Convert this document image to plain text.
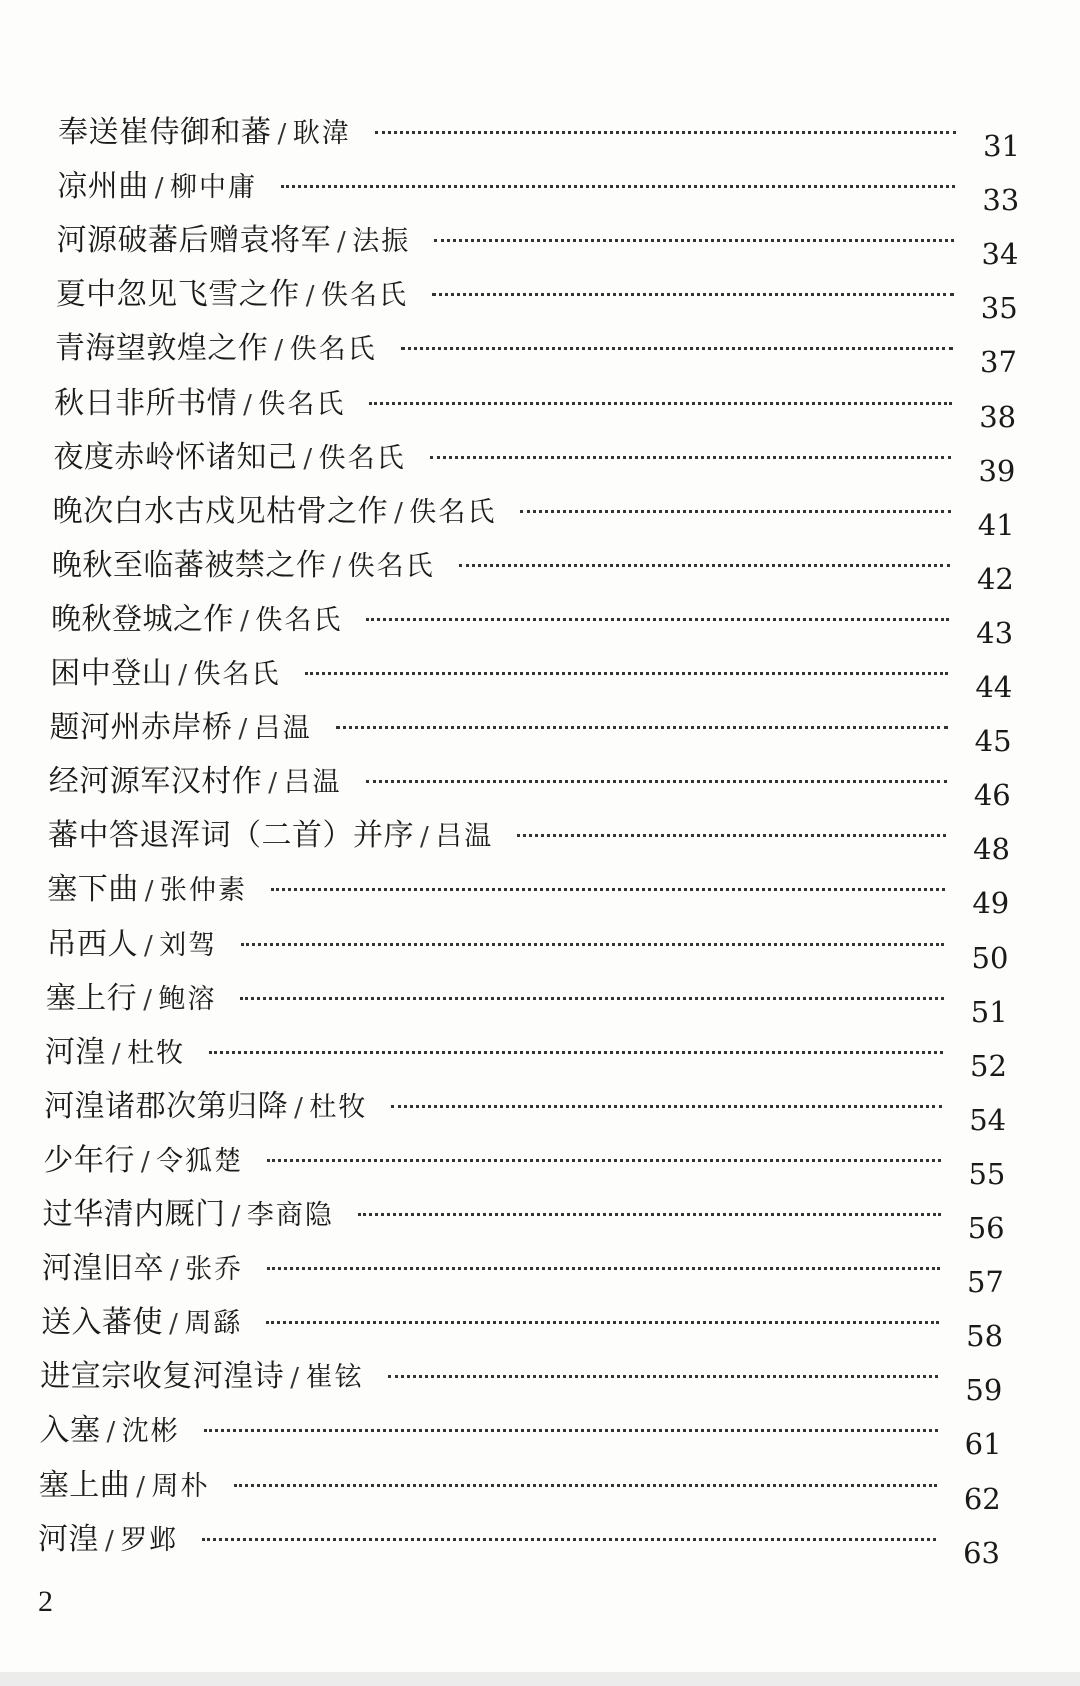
奉送崔侍御和蕃 / 耿湋	31
凉州曲 / 柳中庸	33
河源破蕃后赠袁将军 / 法振	34
夏中忽见飞雪之作 / 佚名氏	35
青海望敦煌之作 / 佚名氏	37
秋日非所书情 / 佚名氏	38
夜度赤岭怀诸知己 / 佚名氏	39
晚次白水古戍见枯骨之作 / 佚名氏	41
晚秋至临蕃被禁之作 / 佚名氏	42
晚秋登城之作 / 佚名氏	43
困中登山 / 佚名氏	44
题河州赤岸桥 / 吕温	45
经河源军汉村作 / 吕温	46
蕃中答退浑词（二首）并序 / 吕温	48
塞下曲 / 张仲素	49
吊西人 / 刘驾	50
塞上行 / 鲍溶	51
河湟 / 杜牧	52
河湟诸郡次第归降 / 杜牧	54
少年行 / 令狐楚	55
过华清内厩门 / 李商隐	56
河湟旧卒 / 张乔	57
送入蕃使 / 周繇	58
进宣宗收复河湟诗 / 崔铉	59
入塞 / 沈彬	61
塞上曲 / 周朴	62
河湟 / 罗邺	63
2
